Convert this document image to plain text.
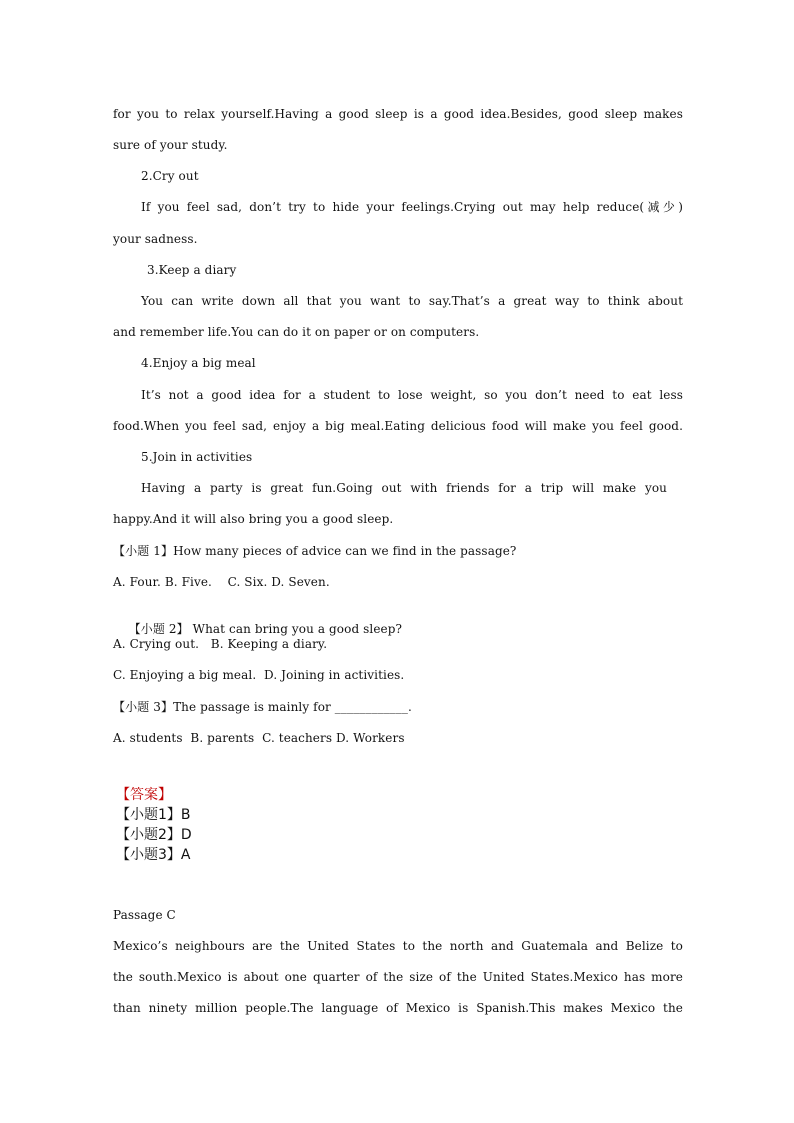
for you to relax yourself.Having a good sleep is a good idea.Besides, good sleep makes
sure of your study.
2.Cry out
If you feel sad, don’t try to hide your feelings.Crying out may help reduce(减少)
your sadness.
3.Keep a diary
You can write down all that you want to say.That’s a great way to think about
and remember life.You can do it on paper or on computers.
4.Enjoy a big meal
It’s not a good idea for a student to lose weight, so you don’t need to eat less
food.When you feel sad, enjoy a big meal.Eating delicious food will make you feel good.
5.Join in activities
Having a party is great fun.Going out with friends for a trip will make you
happy.And it will also bring you a good sleep.
【小题 1】How many pieces of advice can we find in the passage?
A. Four. B. Five.    C. Six. D. Seven.

【小题 2】 What can bring you a good sleep?

A. Crying out.   B. Keeping a diary.
C. Enjoying a big meal.  D. Joining in activities.
【小题 3】The passage is mainly for ____________.
A. students  B. parents  C. teachers D. Workers
【答案】
【小题1】B
【小题2】D
【小题3】A
Passage C
Mexico’s neighbours are the United States to the north and Guatemala and Belize to
the south.Mexico is about one quarter of the size of the United States.Mexico has more
than ninety million people.The language of Mexico is Spanish.This makes Mexico the
